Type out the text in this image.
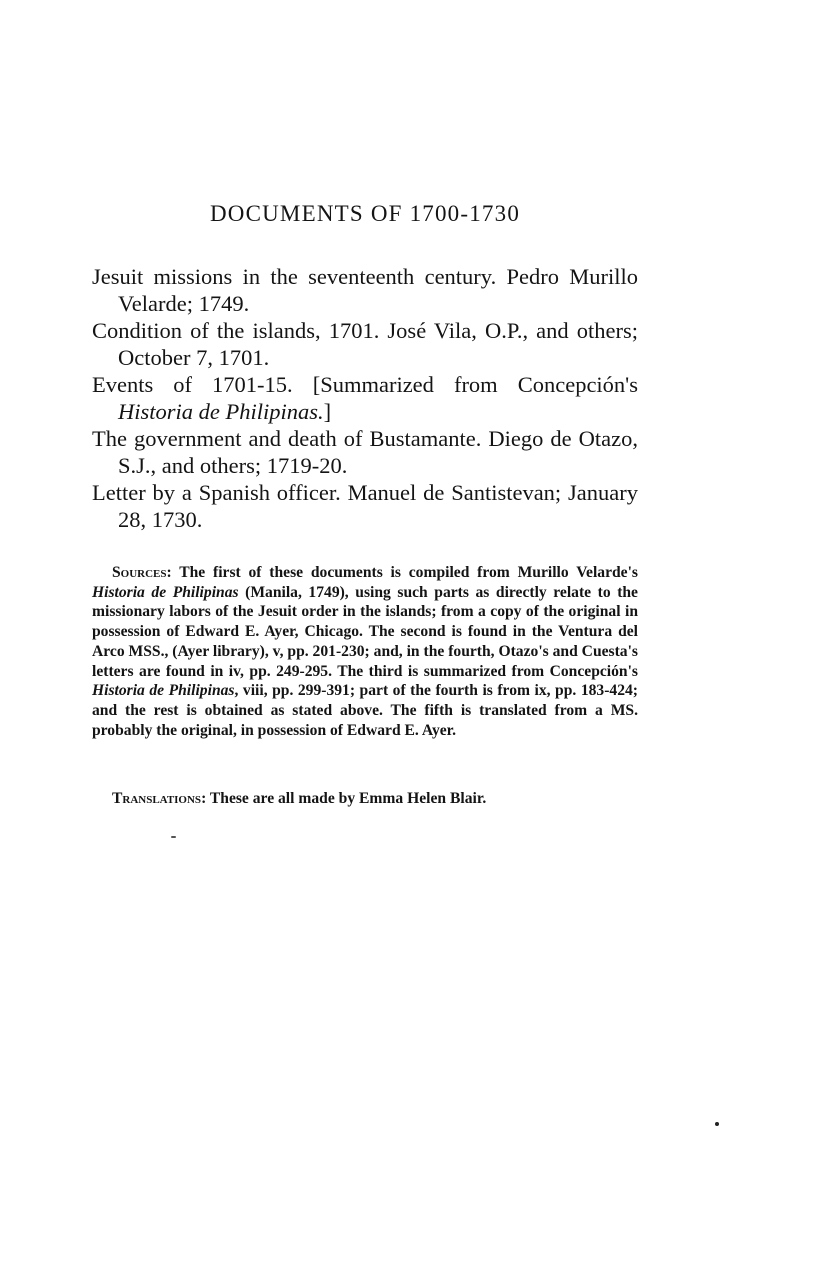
DOCUMENTS OF 1700-1730
Jesuit missions in the seventeenth century. Pedro Murillo Velarde; 1749.
Condition of the islands, 1701. José Vila, O.P., and others; October 7, 1701.
Events of 1701-15. [Summarized from Concepción's Historia de Philipinas.]
The government and death of Bustamante. Diego de Otazo, S.J., and others; 1719-20.
Letter by a Spanish officer. Manuel de Santistevan; January 28, 1730.

Sources: The first of these documents is compiled from Murillo Velarde's Historia de Philipinas (Manila, 1749), using such parts as directly relate to the missionary labors of the Jesuit order in the islands; from a copy of the original in possession of Edward E. Ayer, Chicago. The second is found in the Ventura del Arco MSS., (Ayer library), v, pp. 201-230; and, in the fourth, Otazo's and Cuesta's letters are found in iv, pp. 249-295. The third is summarized from Concepción's Historia de Philipinas, viii, pp. 299-391; part of the fourth is from ix, pp. 183-424; and the rest is obtained as stated above. The fifth is translated from a MS. probably the original, in possession of Edward E. Ayer.

Translations: These are all made by Emma Helen Blair.
